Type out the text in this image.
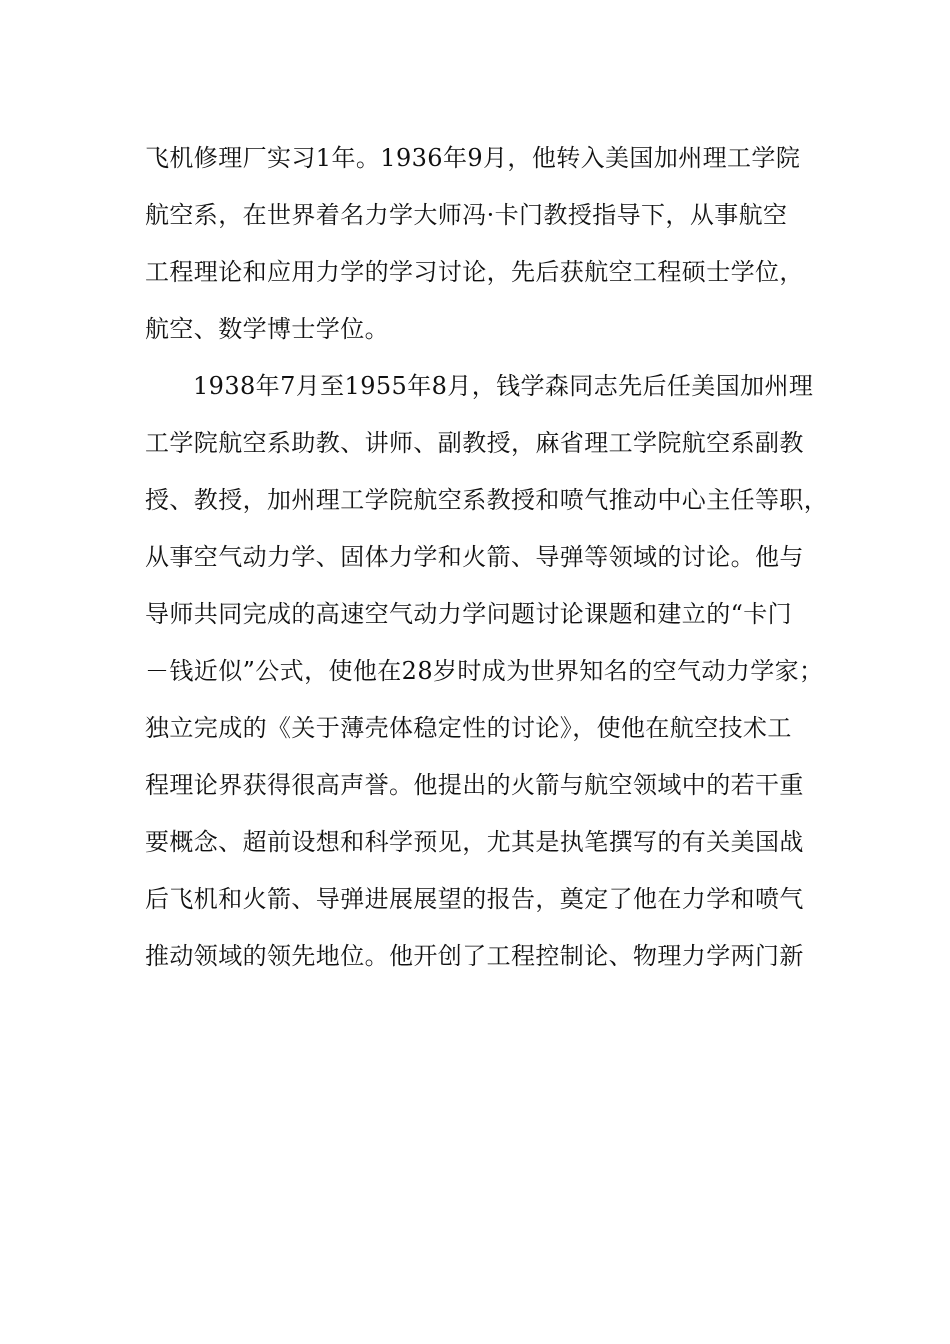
飞机修理厂实习1年。1936年9月，他转入美国加州理工学院
航空系，在世界着名力学大师冯·卡门教授指导下，从事航空
工程理论和应用力学的学习讨论，先后获航空工程硕士学位，
航空、数学博士学位。
1938年7月至1955年8月，钱学森同志先后任美国加州理
工学院航空系助教、讲师、副教授，麻省理工学院航空系副教
授、教授，加州理工学院航空系教授和喷气推动中心主任等职，
从事空气动力学、固体力学和火箭、导弹等领域的讨论。他与
导师共同完成的高速空气动力学问题讨论课题和建立的“卡门
－钱近似”公式，使他在28岁时成为世界知名的空气动力学家；
独立完成的《关于薄壳体稳定性的讨论》，使他在航空技术工
程理论界获得很高声誉。他提出的火箭与航空领域中的若干重
要概念、超前设想和科学预见，尤其是执笔撰写的有关美国战
后飞机和火箭、导弹进展展望的报告，奠定了他在力学和喷气
推动领域的领先地位。他开创了工程控制论、物理力学两门新
